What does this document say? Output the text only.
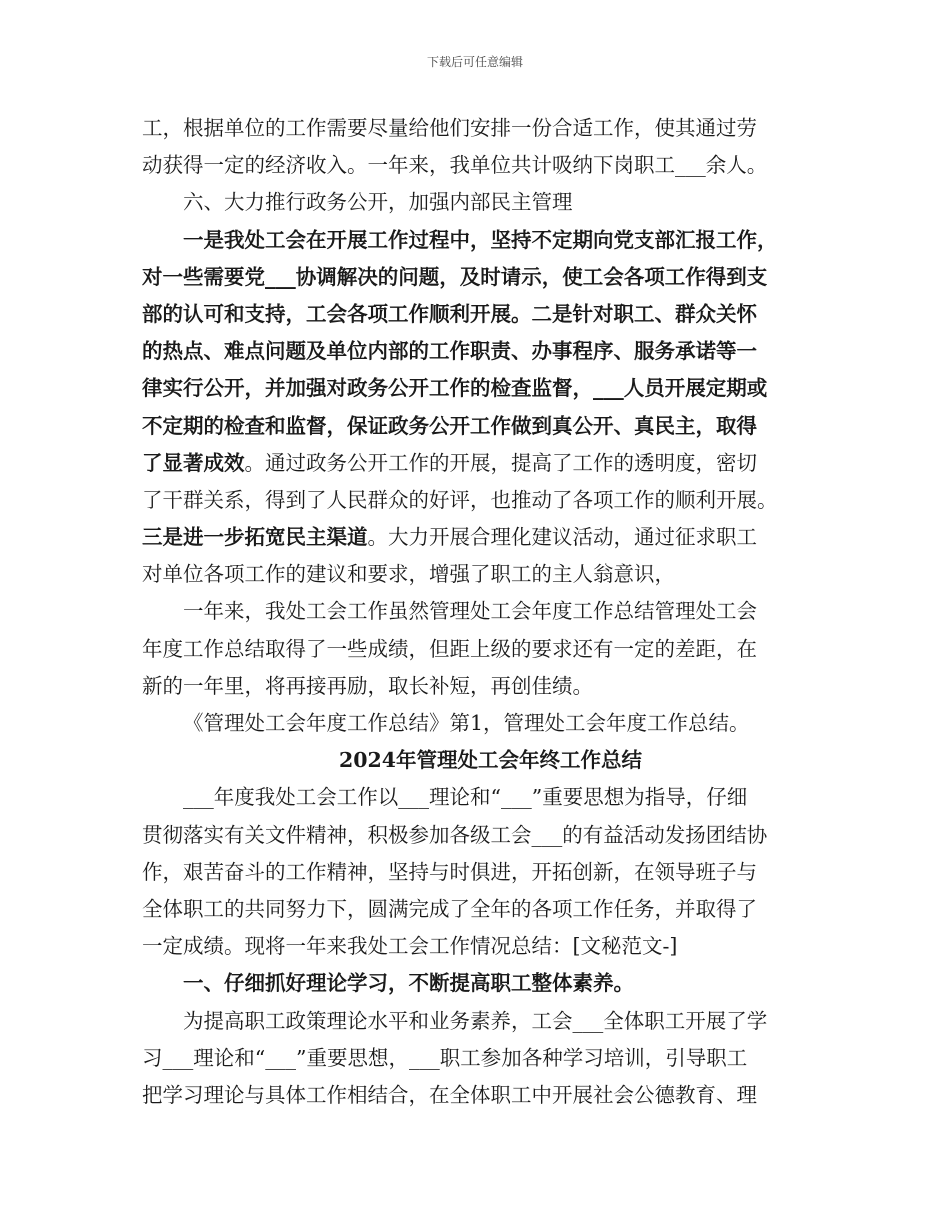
下载后可任意编辑
工，根据单位的工作需要尽量给他们安排一份合适工作，使其通过劳
动获得一定的经济收入。一年来，我单位共计吸纳下岗职工___余人。
六、大力推行政务公开，加强内部民主管理
一是我处工会在开展工作过程中，坚持不定期向党支部汇报工作，
对一些需要党___协调解决的问题，及时请示，使工会各项工作得到支
部的认可和支持，工会各项工作顺利开展。二是针对职工、群众关怀
的热点、难点问题及单位内部的工作职责、办事程序、服务承诺等一
律实行公开，并加强对政务公开工作的检查监督，___人员开展定期或
不定期的检查和监督，保证政务公开工作做到真公开、真民主，取得
了显著成效。通过政务公开工作的开展，提高了工作的透明度，密切
了干群关系，得到了人民群众的好评，也推动了各项工作的顺利开展。
三是进一步拓宽民主渠道。大力开展合理化建议活动，通过征求职工
对单位各项工作的建议和要求，增强了职工的主人翁意识，
一年来，我处工会工作虽然管理处工会年度工作总结管理处工会
年度工作总结取得了一些成绩，但距上级的要求还有一定的差距，在
新的一年里，将再接再励，取长补短，再创佳绩。
《管理处工会年度工作总结》第1，管理处工会年度工作总结。
2024年管理处工会年终工作总结
___年度我处工会工作以___理论和“___”重要思想为指导，仔细
贯彻落实有关文件精神，积极参加各级工会___的有益活动发扬团结协
作，艰苦奋斗的工作精神，坚持与时俱进，开拓创新，在领导班子与
全体职工的共同努力下，圆满完成了全年的各项工作任务，并取得了
一定成绩。现将一年来我处工会工作情况总结：[文秘范文-]
一、仔细抓好理论学习，不断提高职工整体素养。
为提高职工政策理论水平和业务素养，工会___全体职工开展了学
习___理论和“___”重要思想，___职工参加各种学习培训，引导职工
把学习理论与具体工作相结合，在全体职工中开展社会公德教育、理
